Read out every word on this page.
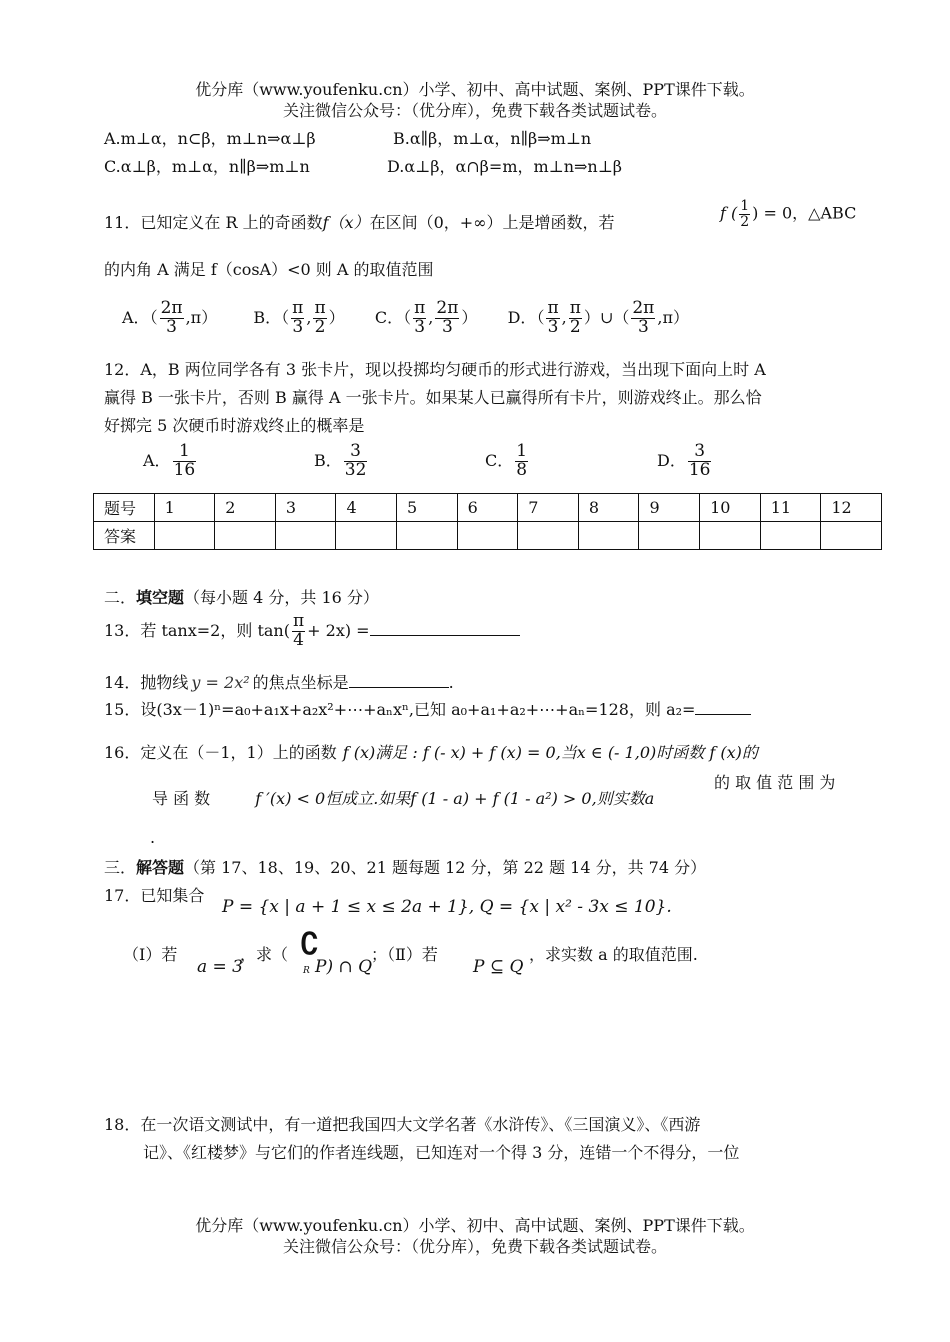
优分库（www.youfenku.cn）小学、初中、高中试题、案例、PPT课件下载。
关注微信公众号：（优分库），免费下载各类试题试卷。
A.m⊥α，n⊂β，m⊥n⇒α⊥β	B.α∥β，m⊥α，n∥β⇒m⊥n
C.α⊥β，m⊥α，n∥β⇒m⊥n	D.α⊥β，α∩β=m，m⊥n⇒n⊥β
11．已知定义在 R 上的奇函数f（x）在区间（0，+∞）上是增函数，若	f ( $\frac{1}{2}$ ) = 0，△ABC
的内角 A 满足 f（cosA）<0 则 A 的取值范围
A．（ $\frac{2\pi}{3} ,\pi$） B．（ $\frac{\pi}{3}$ , $\frac{\pi}{2}$ ） C．（ $\frac{\pi}{3}$ , $\frac{2\pi}{3}$ ） D．（ $\frac{\pi}{3}$ , $\frac{\pi}{2}$ ）∪（ $\frac{2\pi}{3} ,\pi$）
12．A，B 两位同学各有 3 张卡片，现以投掷均匀硬币的形式进行游戏，当出现下面向上时 A
赢得 B 一张卡片，否则 B 赢得 A 一张卡片。如果某人已赢得所有卡片，则游戏终止。那么恰
好掷完 5 次硬币时游戏终止的概率是
A． $\frac{1}{16}$	B． $\frac{3}{32}$	C． $\frac{1}{8}$	D． $\frac{3}{16}$
题号	1	2	3	4	5	6	7	8	9	10	11	12
答案												
二．填空题（每小题 4 分，共 16 分）
13．若 tanx=2，则 $\tan( \frac{\pi}{4} + 2x)$ =
14．抛物线 y = 2x² 的焦点坐标是	.
15．设(3x－1)ⁿ=a₀+a₁x+a₂x²+⋯+aₙxⁿ,已知 a₀+a₁+a₂+⋯+aₙ=128，则 a₂=
16．定义在（－1，1）上的函数 f (x)满足 : f (- x) + f (x) = 0,当x ∈ (- 1,0)时函数 f (x)的
导 函 数	f ′(x) < 0恒成立.如果f (1 - a) + f (1 - a²) > 0,则实数a
的 取 值 范 围 为
.
三．解答题（第 17、18、19、20、21 题每题 12 分，第 22 题 14 分，共 74 分）
17．已知集合
P = {x | a + 1 ≤ x ≤ 2a + 1}, Q = {x | x² - 3x ≤ 10}.
（Ⅰ）若
a = 3
，求（ ∁
R P) ∩ Q
；（Ⅱ）若
P ⊆ Q
，求实数 a 的取值范围.
18．在一次语文测试中，有一道把我国四大文学名著《水浒传》、《三国演义》、《西游
记》、《红楼梦》与它们的作者连线题，已知连对一个得 3 分，连错一个不得分，一位
优分库（www.youfenku.cn）小学、初中、高中试题、案例、PPT课件下载。
关注微信公众号：（优分库），免费下载各类试题试卷。
